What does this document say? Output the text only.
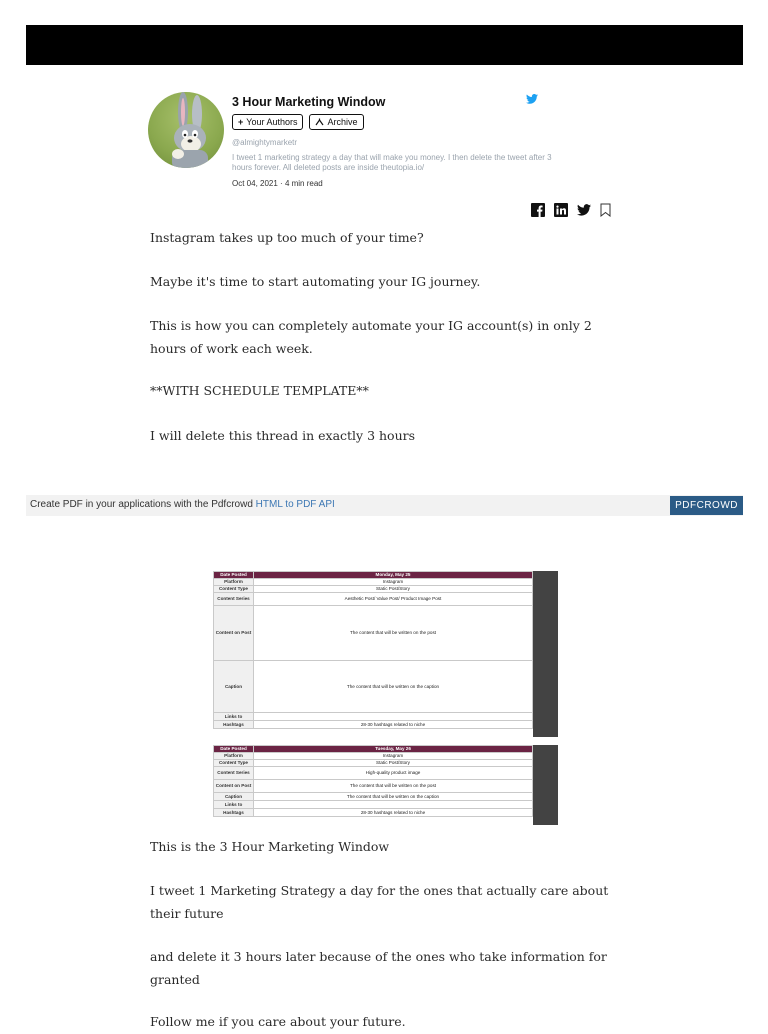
3 Hour Marketing Window
+ Your Authors	Archive
@almightymarketr
I tweet 1 marketing strategy a day that will make you money. I then delete the tweet after 3 hours forever. All deleted posts are inside theutopia.io/
Oct 04, 2021 · 4 min read

Instagram takes up too much of your time?

Maybe it's time to start automating your IG journey.

This is how you can completely automate your IG account(s) in only 2 hours of work each week.

**WITH SCHEDULE TEMPLATE**

I will delete this thread in exactly 3 hours

Create PDF in your applications with the Pdfcrowd HTML to PDF API	PDFCROWD
Date Posted	Monday, May 25
Platform	Instagram
Content Type	Static Post/Story
Content Series	Aesthetic Post/ Value Post/ Product Image Post
Content on Post	The content that will be written on the post
Caption	The content that will be written on the caption
Links to	
Hashtags	28-30 hashtags related to niche
Date Posted	Tuesday, May 26
Platform	Instagram
Content Type	Static Post/Story
Content Series	High-quality product image
Content on Post	The content that will be written on the post
Caption	The content that will be written on the caption
Links to	
Hashtags	28-30 hashtags related to niche

This is the 3 Hour Marketing Window

I tweet 1 Marketing Strategy a day for the ones that actually care about their future

and delete it 3 hours later because of the ones who take information for granted

Follow me if you care about your future.
